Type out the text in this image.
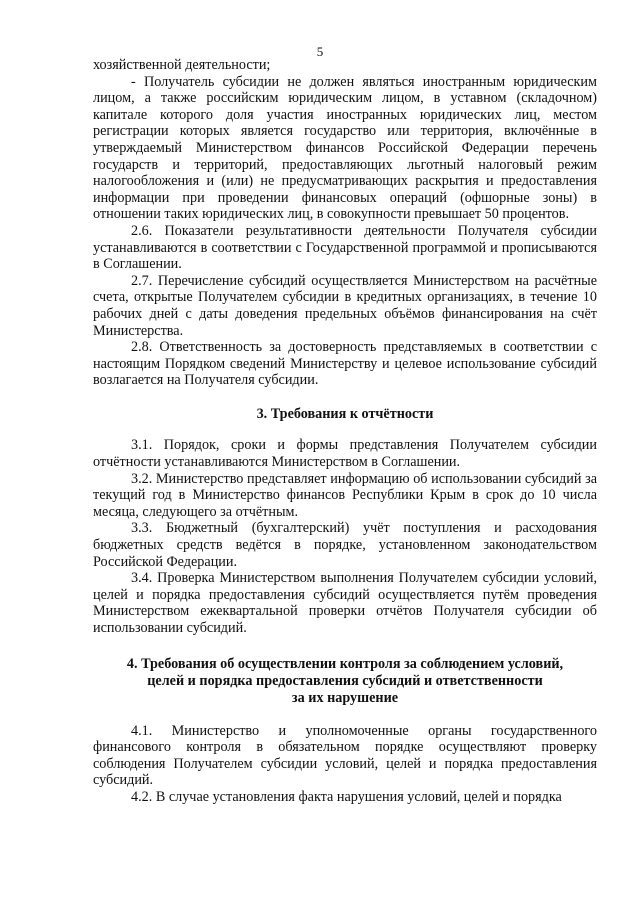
5

хозяйственной деятельности;

- Получатель субсидии не должен являться иностранным юридическим лицом, а также российским юридическим лицом, в уставном (складочном) капитале которого доля участия иностранных юридических лиц, местом регистрации которых является государство или территория, включённые в утверждаемый Министерством финансов Российской Федерации перечень государств и территорий, предоставляющих льготный налоговый режим налогообложения и (или) не предусматривающих раскрытия и предоставления информации при проведении финансовых операций (офшорные зоны) в отношении таких юридических лиц, в совокупности превышает 50 процентов.

2.6. Показатели результативности деятельности Получателя субсидии устанавливаются в соответствии с Государственной программой и прописываются в Соглашении.

2.7. Перечисление субсидий осуществляется Министерством на расчётные счета, открытые Получателем субсидии в кредитных организациях, в течение 10 рабочих дней с даты доведения предельных объёмов финансирования на счёт Министерства.

2.8. Ответственность за достоверность представляемых в соответствии с настоящим Порядком сведений Министерству и целевое использование субсидий возлагается на Получателя субсидии.

3. Требования к отчётности

3.1. Порядок, сроки и формы представления Получателем субсидии отчётности устанавливаются Министерством в Соглашении.

3.2. Министерство представляет информацию об использовании субсидий за текущий год в Министерство финансов Республики Крым в срок до 10 числа месяца, следующего за отчётным.

3.3. Бюджетный (бухгалтерский) учёт поступления и расходования бюджетных средств ведётся в порядке, установленном законодательством Российской Федерации.

3.4. Проверка Министерством выполнения Получателем субсидии условий, целей и порядка предоставления субсидий осуществляется путём проведения Министерством ежеквартальной проверки отчётов Получателя субсидии об использовании субсидий.

4. Требования об осуществлении контроля за соблюдением условий,
целей и порядка предоставления субсидий и ответственности
за их нарушение

4.1. Министерство и уполномоченные органы государственного финансового контроля в обязательном порядке осуществляют проверку соблюдения Получателем субсидии условий, целей и порядка предоставления субсидий.

4.2. В случае установления факта нарушения условий, целей и порядка
